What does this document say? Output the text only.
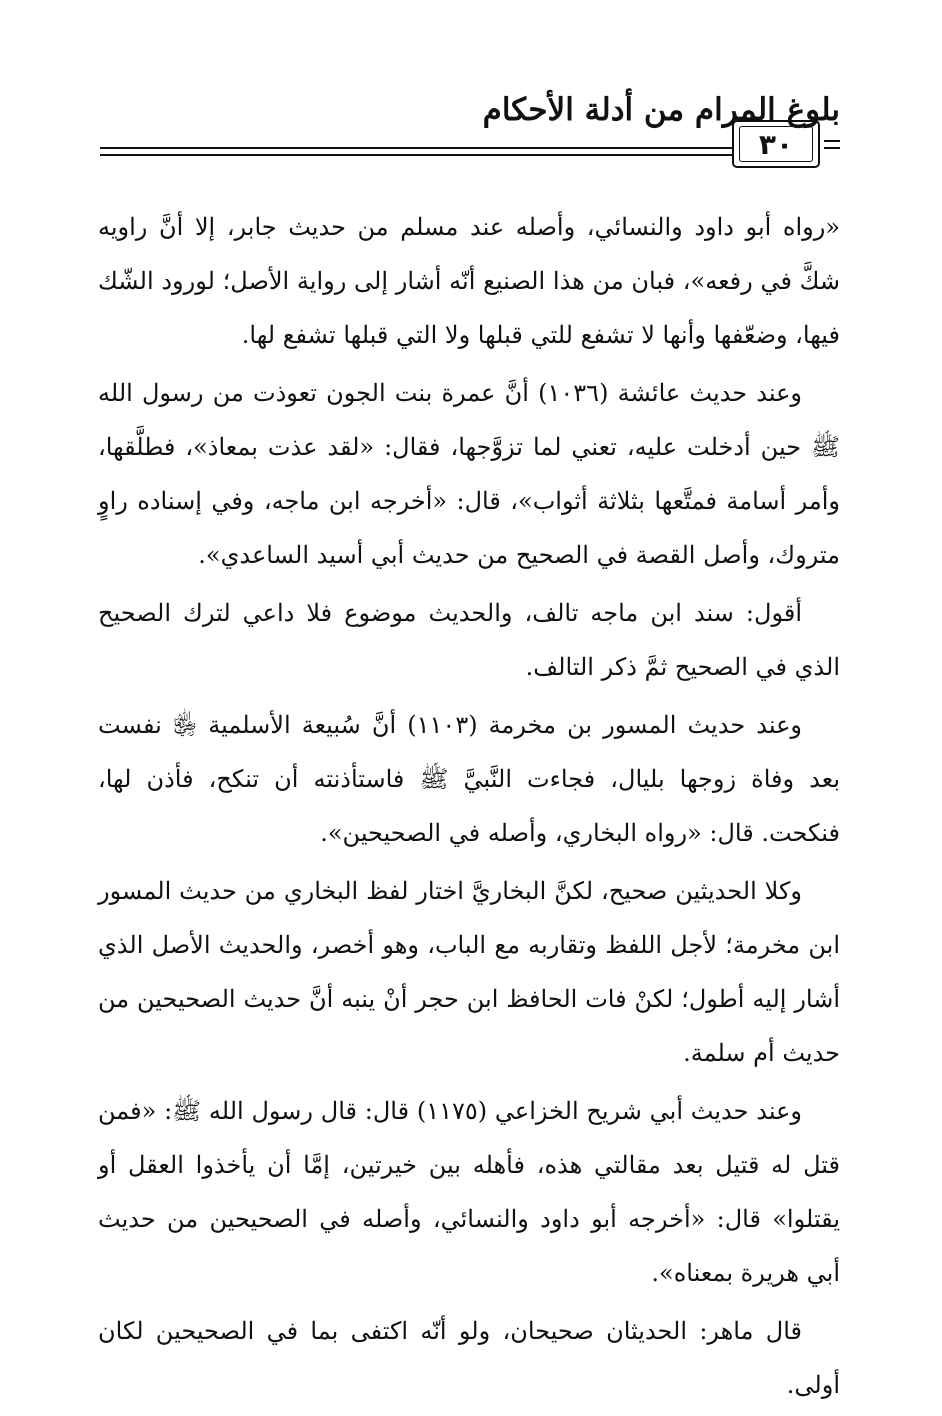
بلوغ المرام من أدلة الأحكام
٣٠

«رواه أبو داود والنسائي، وأصله عند مسلم من حديث جابر، إلا أنَّ راويه شكَّ في رفعه»، فبان من هذا الصنيع أنّه أشار إلى رواية الأصل؛ لورود الشّك فيها، وضعّفها وأنها لا تشفع للتي قبلها ولا التي قبلها تشفع لها.

وعند حديث عائشة (١٠٣٦) أنَّ عمرة بنت الجون تعوذت من رسول الله ﷺ حين أدخلت عليه، تعني لما تزوَّجها، فقال: «لقد عذت بمعاذ»، فطلَّقها، وأمر أسامة فمتَّعها بثلاثة أثواب»، قال: «أخرجه ابن ماجه، وفي إسناده راوٍ متروك، وأصل القصة في الصحيح من حديث أبي أسيد الساعدي».

أقول: سند ابن ماجه تالف، والحديث موضوع فلا داعي لترك الصحيح الذي في الصحيح ثمَّ ذكر التالف.

وعند حديث المسور بن مخرمة (١١٠٣) أنَّ سُبيعة الأسلمية ﵂ نفست بعد وفاة زوجها بليال، فجاءت النَّبيَّ ﷺ فاستأذنته أن تنكح، فأذن لها، فنكحت. قال: «رواه البخاري، وأصله في الصحيحين».

وكلا الحديثين صحيح، لكنَّ البخاريَّ اختار لفظ البخاري من حديث المسور ابن مخرمة؛ لأجل اللفظ وتقاربه مع الباب، وهو أخصر، والحديث الأصل الذي أشار إليه أطول؛ لكنْ فات الحافظ ابن حجر أنْ ينبه أنَّ حديث الصحيحين من حديث أم سلمة.

وعند حديث أبي شريح الخزاعي (١١٧٥) قال: قال رسول الله ﷺ: «فمن قتل له قتيل بعد مقالتي هذه، فأهله بين خيرتين، إمَّا أن يأخذوا العقل أو يقتلوا» قال: «أخرجه أبو داود والنسائي، وأصله في الصحيحين من حديث أبي هريرة بمعناه».

قال ماهر: الحديثان صحيحان، ولو أنّه اكتفى بما في الصحيحين لكان أولى.
